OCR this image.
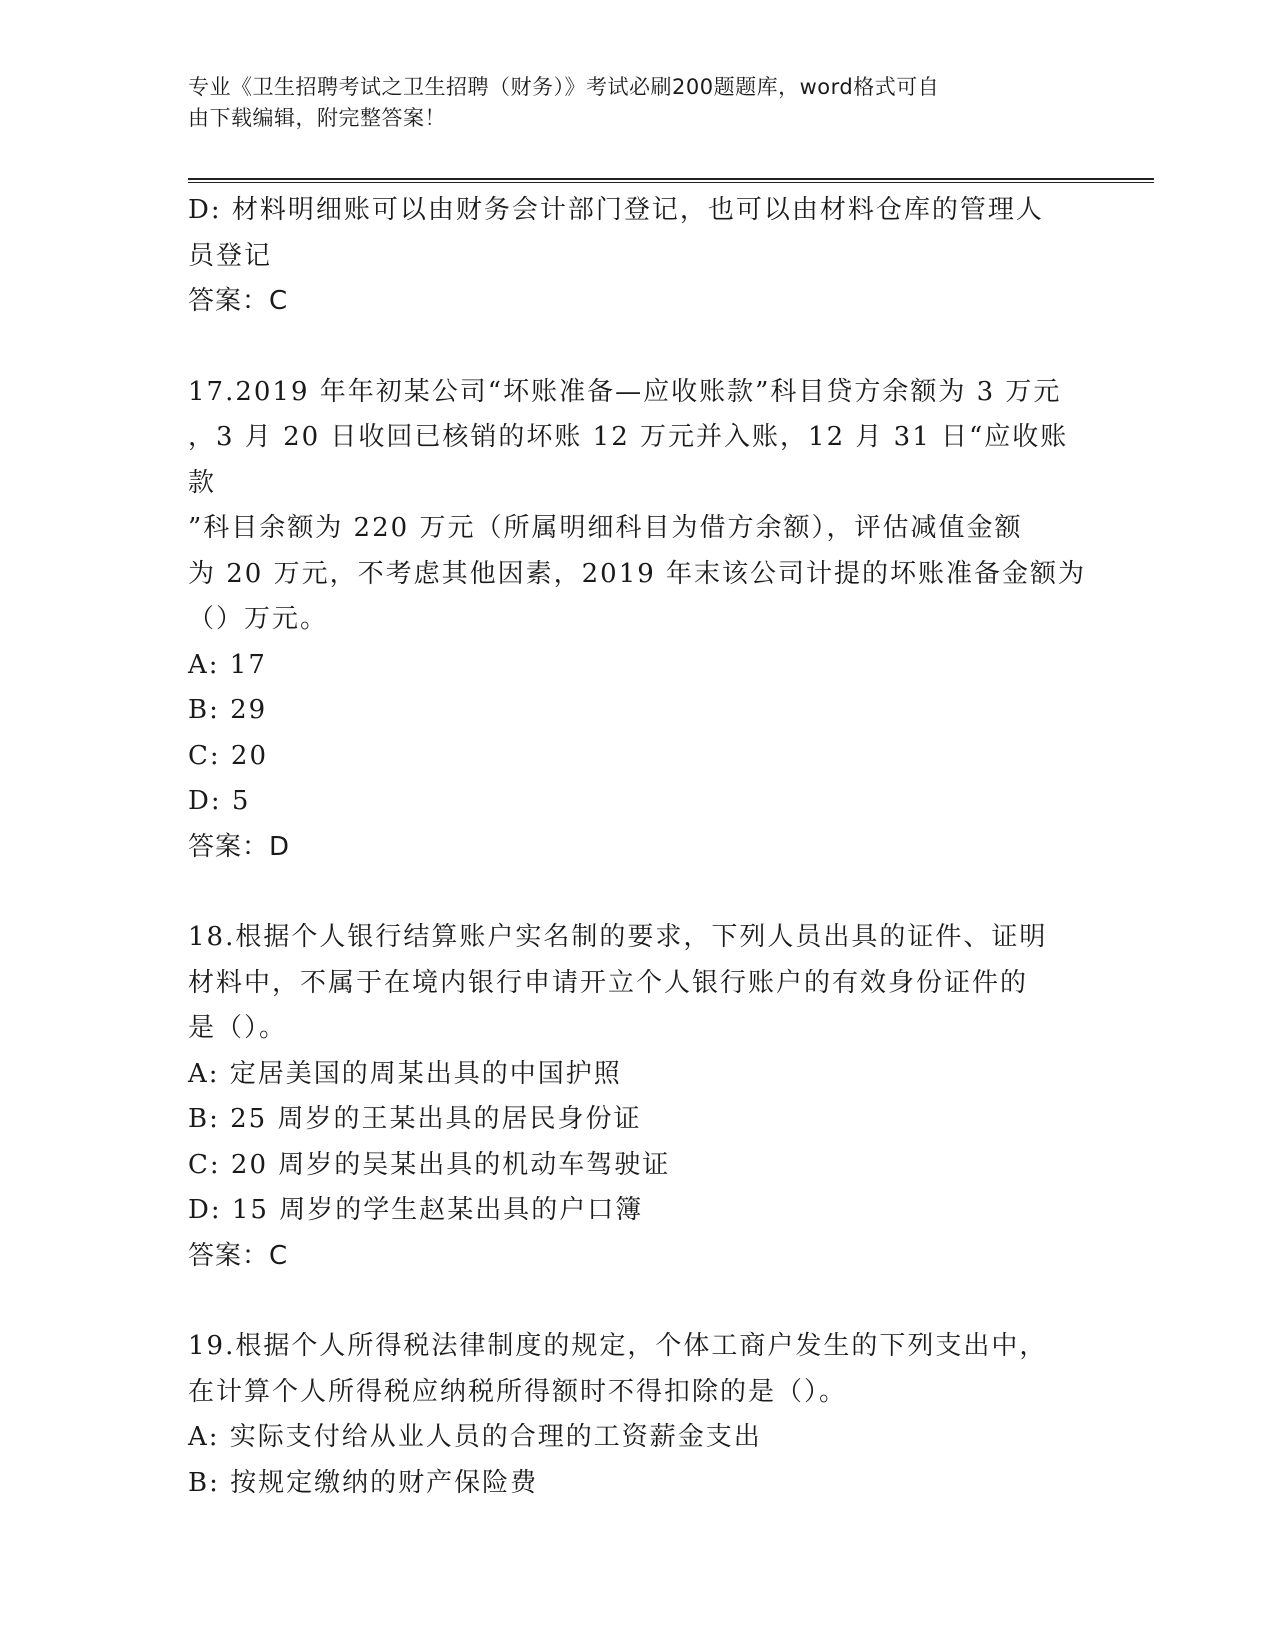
专业《卫生招聘考试之卫生招聘（财务）》考试必刷200题题库，word格式可自
由下载编辑，附完整答案！
D: 材料明细账可以由财务会计部门登记，也可以由材料仓库的管理人
员登记
答案：C
17.2019 年年初某公司“坏账准备—应收账款”科目贷方余额为 3 万元
，3 月 20 日收回已核销的坏账 12 万元并入账，12 月 31 日“应收账款
”科目余额为 220 万元（所属明细科目为借方余额），评估减值金额
为 20 万元，不考虑其他因素，2019 年末该公司计提的坏账准备金额为
（）万元。
A: 17
B: 29
C: 20
D: 5
答案：D
18.根据个人银行结算账户实名制的要求，下列人员出具的证件、证明
材料中，不属于在境内银行申请开立个人银行账户的有效身份证件的
是（）。
A: 定居美国的周某出具的中国护照
B: 25 周岁的王某出具的居民身份证
C: 20 周岁的吴某出具的机动车驾驶证
D: 15 周岁的学生赵某出具的户口簿
答案：C
19.根据个人所得税法律制度的规定，个体工商户发生的下列支出中，
在计算个人所得税应纳税所得额时不得扣除的是（）。
A: 实际支付给从业人员的合理的工资薪金支出
B: 按规定缴纳的财产保险费
